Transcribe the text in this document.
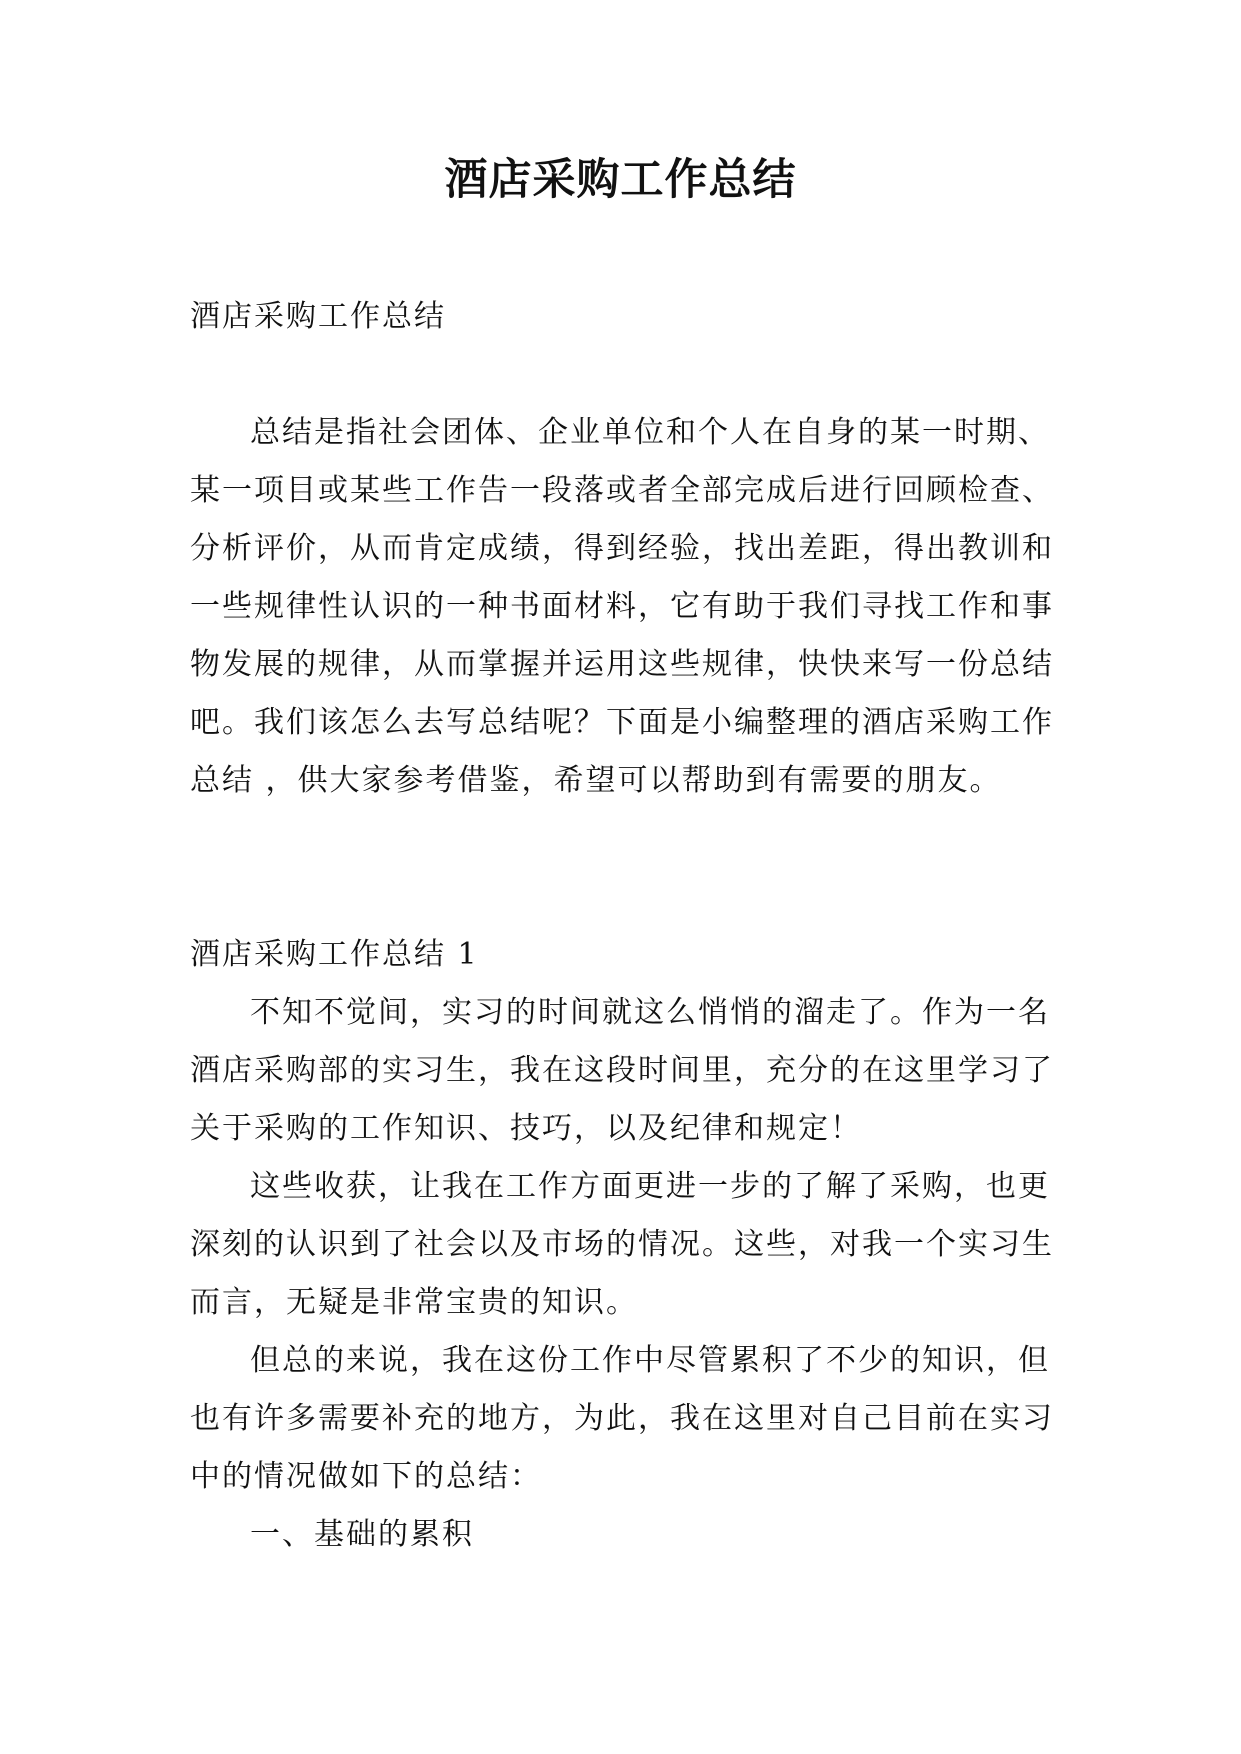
酒店采购工作总结

酒店采购工作总结

总结是指社会团体、企业单位和个人在自身的某一时期、某一项目或某些工作告一段落或者全部完成后进行回顾检查、分析评价，从而肯定成绩，得到经验，找出差距，得出教训和一些规律性认识的一种书面材料，它有助于我们寻找工作和事物发展的规律，从而掌握并运用这些规律，快快来写一份总结吧。我们该怎么去写总结呢？下面是小编整理的酒店采购工作总结 ，供大家参考借鉴，希望可以帮助到有需要的朋友。

酒店采购工作总结 1

不知不觉间，实习的时间就这么悄悄的溜走了。作为一名酒店采购部的实习生，我在这段时间里，充分的在这里学习了关于采购的工作知识、技巧，以及纪律和规定！

这些收获，让我在工作方面更进一步的了解了采购，也更深刻的认识到了社会以及市场的情况。这些，对我一个实习生而言，无疑是非常宝贵的知识。

但总的来说，我在这份工作中尽管累积了不少的知识，但也有许多需要补充的地方，为此，我在这里对自己目前在实习中的情况做如下的总结：

一、基础的累积
